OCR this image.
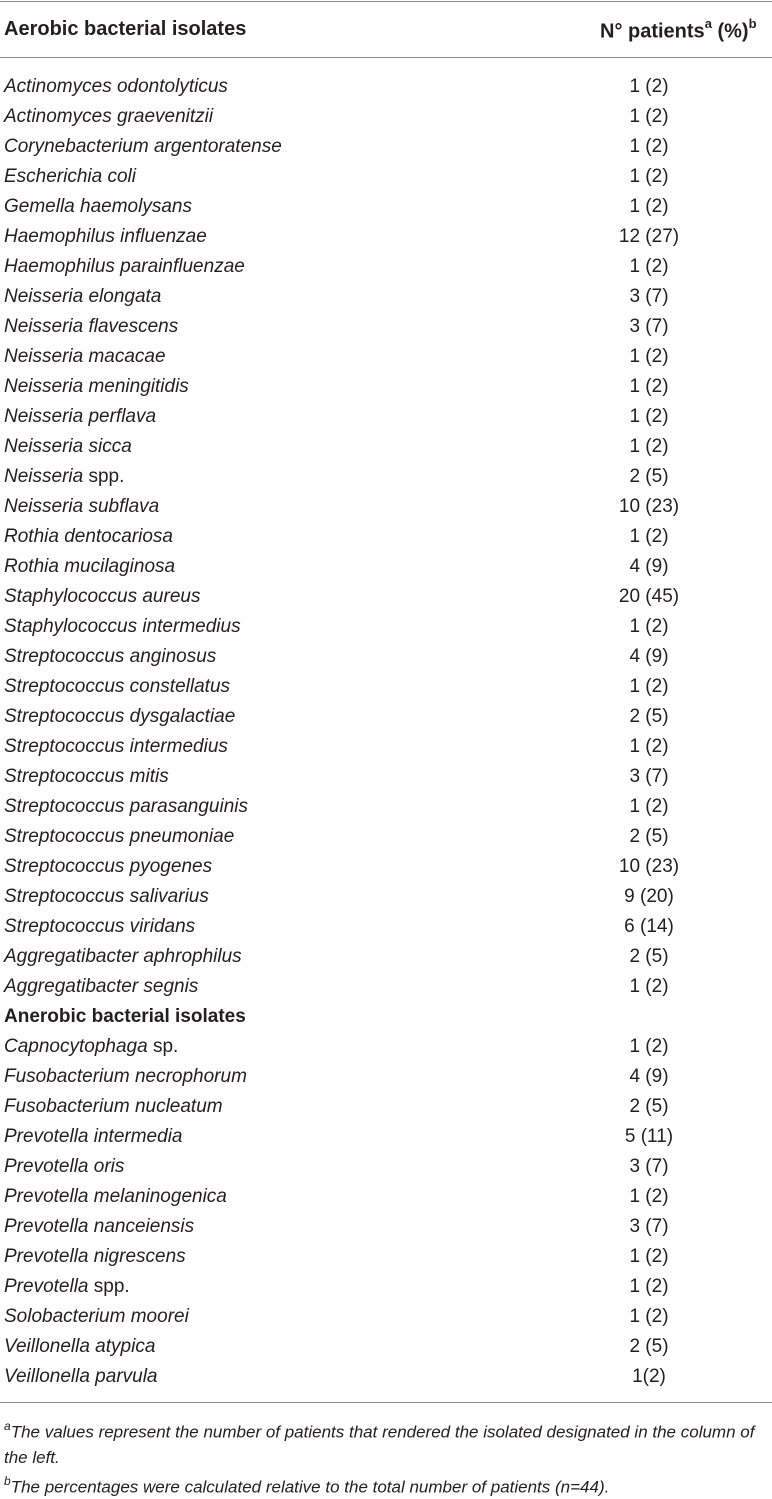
Aerobic bacterial isolates	N° patients$^a$ (%)$^b$
Actinomyces odontolyticus	1 (2)
Actinomyces graevenitzii	1 (2)
Corynebacterium argentoratense	1 (2)
Escherichia coli	1 (2)
Gemella haemolysans	1 (2)
Haemophilus influenzae	12 (27)
Haemophilus parainfluenzae	1 (2)
Neisseria elongata	3 (7)
Neisseria flavescens	3 (7)
Neisseria macacae	1 (2)
Neisseria meningitidis	1 (2)
Neisseria perflava	1 (2)
Neisseria sicca	1 (2)
Neisseria spp.	2 (5)
Neisseria subflava	10 (23)
Rothia dentocariosa	1 (2)
Rothia mucilaginosa	4 (9)
Staphylococcus aureus	20 (45)
Staphylococcus intermedius	1 (2)
Streptococcus anginosus	4 (9)
Streptococcus constellatus	1 (2)
Streptococcus dysgalactiae	2 (5)
Streptococcus intermedius	1 (2)
Streptococcus mitis	3 (7)
Streptococcus parasanguinis	1 (2)
Streptococcus pneumoniae	2 (5)
Streptococcus pyogenes	10 (23)
Streptococcus salivarius	9 (20)
Streptococcus viridans	6 (14)
Aggregatibacter aphrophilus	2 (5)
Aggregatibacter segnis	1 (2)
Anerobic bacterial isolates
Capnocytophaga sp.	1 (2)
Fusobacterium necrophorum	4 (9)
Fusobacterium nucleatum	2 (5)
Prevotella intermedia	5 (11)
Prevotella oris	3 (7)
Prevotella melaninogenica	1 (2)
Prevotella nanceiensis	3 (7)
Prevotella nigrescens	1 (2)
Prevotella spp.	1 (2)
Solobacterium moorei	1 (2)
Veillonella atypica	2 (5)
Veillonella parvula	1(2)
$^a$The values represent the number of patients that rendered the isolated designated in the column of the left.
$^b$The percentages were calculated relative to the total number of patients (n=44).
